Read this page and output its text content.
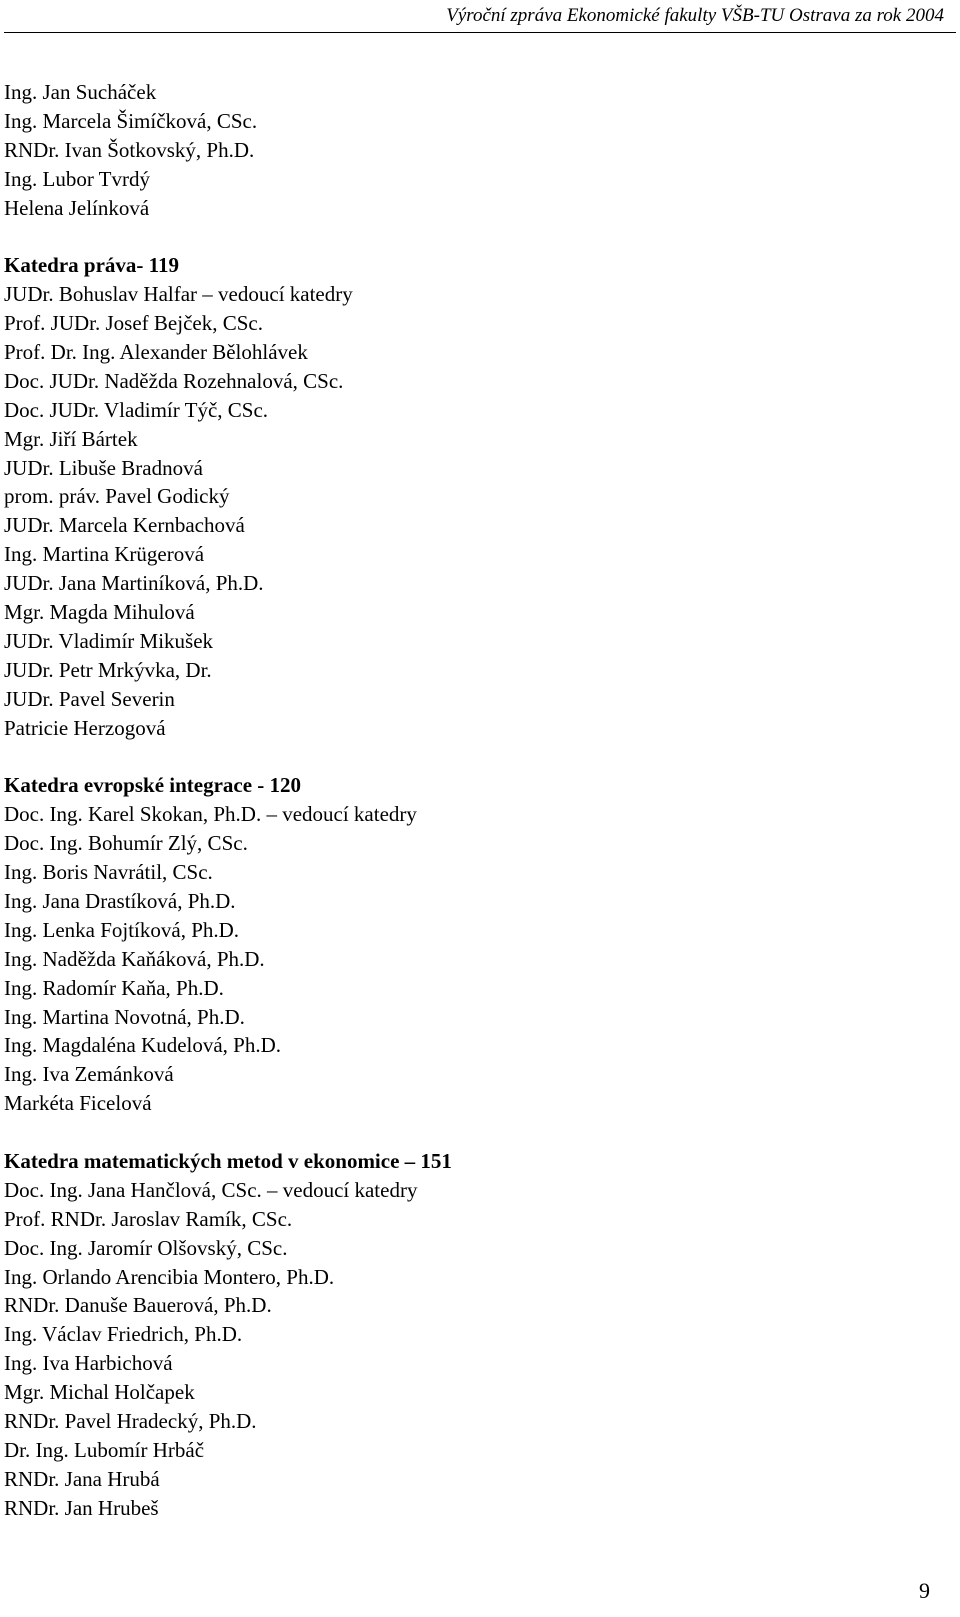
Výroční zpráva Ekonomické fakulty VŠB-TU Ostrava za rok 2004
Ing. Jan Sucháček
Ing. Marcela Šimíčková, CSc.
RNDr. Ivan Šotkovský, Ph.D.
Ing. Lubor Tvrdý
Helena Jelínková
Katedra práva- 119
JUDr. Bohuslav Halfar – vedoucí katedry
Prof. JUDr. Josef Bejček, CSc.
Prof. Dr. Ing. Alexander Bělohlávek
Doc. JUDr. Naděžda Rozehnalová, CSc.
Doc. JUDr. Vladimír Týč, CSc.
Mgr. Jiří Bártek
JUDr. Libuše Bradnová
prom. práv. Pavel Godický
JUDr. Marcela Kernbachová
Ing. Martina Krügerová
JUDr. Jana Martiníková, Ph.D.
Mgr. Magda Mihulová
JUDr. Vladimír Mikušek
JUDr. Petr Mrkývka, Dr.
JUDr. Pavel Severin
Patricie Herzogová
Katedra evropské integrace - 120
Doc. Ing. Karel Skokan, Ph.D. – vedoucí katedry
Doc. Ing. Bohumír Zlý, CSc.
Ing. Boris Navrátil, CSc.
Ing. Jana Drastíková, Ph.D.
Ing. Lenka Fojtíková, Ph.D.
Ing. Naděžda Kaňáková, Ph.D.
Ing. Radomír Kaňa, Ph.D.
Ing. Martina Novotná, Ph.D.
Ing. Magdaléna Kudelová, Ph.D.
Ing. Iva Zemánková
Markéta Ficelová
Katedra matematických metod v ekonomice – 151
Doc. Ing. Jana Hančlová, CSc. – vedoucí katedry
Prof. RNDr. Jaroslav Ramík, CSc.
Doc. Ing. Jaromír Olšovský, CSc.
Ing. Orlando Arencibia Montero, Ph.D.
RNDr. Danuše Bauerová, Ph.D.
Ing. Václav Friedrich, Ph.D.
Ing. Iva Harbichová
Mgr. Michal Holčapek
RNDr. Pavel Hradecký, Ph.D.
Dr. Ing. Lubomír Hrbáč
RNDr. Jana Hrubá
RNDr. Jan Hrubeš
9
